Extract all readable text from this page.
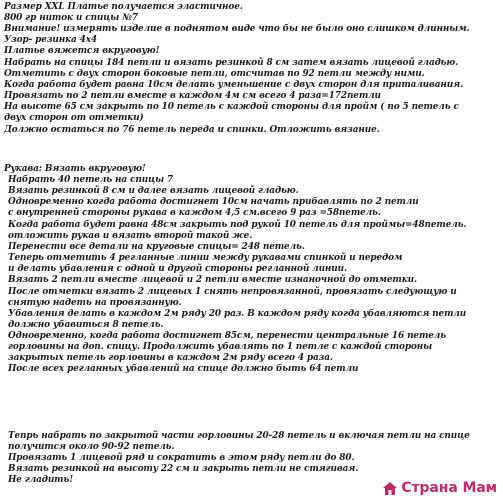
Размер XXL Платье получается эластичное.
800 гр ниток и спицы №7
Внимание! измерять изделие в поднятом виде что бы не было оно слишком длинным.
Узор- резинка 4х4
Платье вяжется вкруговую!
Набрать на спицы 184 петли и вязать резинкой 8 см затем вязать лицевой гладью.
Отметить с двух сторон боковые петли, отсчитав по 92 петли между ними.
Когда работа будет равна 10см делать уменьшение с двух сторон для приталивания.
Провязать по 2 петли вместе в каждом 4м см всего 4 раза=172петли
На высоте 65 см закрыть по 10 петель с каждой стороны для пройм ( по 5 петель с
двух сторон от отметки)
Должно остаться по 76 петель переда и спинки. Отложить вязание.
Рукава: Вязать вкруговую!
Набрать 40 петель на спицы 7
Вязать резинкой 8 см и далее вязать лицевой гладью.
Одновременно когда работа достигнет 10см начать прибавлять по 2 петли
с внутренней стороны рукава в каждом 4,5 см.всего 9 раз =58петель.
Когда работа будет равна 48см закрыть под рукой 10 петель для проймы=48петель.
отложить рукав и вязать второй такой же.
Перенести все детали на круговые спицы= 248 петель.
Теперь отметить 4 регланные линии между рукавами спинкой и передом
и делать убавления с одной и другой стороны регланной линии.
Вязать 2 петли вместе лицевой и 2 петли вместе изнаночной до отметки.
После отметки вязать 2 лицевых 1 снять непровязанной, провязать следующую и
снятую надеть на провязанную.
Убавления делать в каждом 2м ряду 20 раз. В каждом ряду когда убавляются петли
должно убавиться 8 петель.
Одновременно, когда работа достигнет 85см, перенести центральные 16 петель
горловины на доп. спицу. Продолжить убавлять по 1 петле с каждой стороны
закрытых петель горловины в каждом 2м ряду всего 4 раза.
После всех регланных убавлений на спице должно быть 64 петли
Тепрь набрать по закрытой части горловины 20-28 петель и включая петли на спице
получится около 90-92 петель.
Провязать 1 лицевой ряд и сократить в этом ряду петли до 80.
Вязать резинкой на высоту 22 см и закрыть петли не стягивая.
Не гладить!	Страна Мам
